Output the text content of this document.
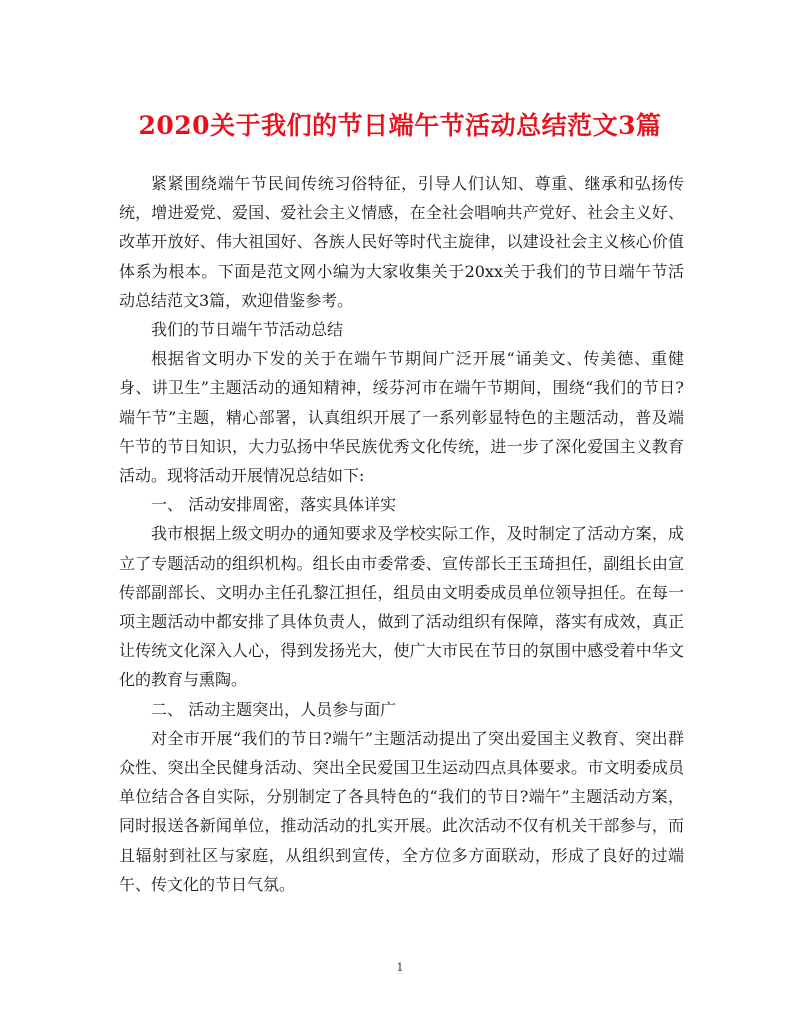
2020关于我们的节日端午节活动总结范文3篇

紧紧围绕端午节民间传统习俗特征，引导人们认知、尊重、继承和弘扬传统，增进爱党、爱国、爱社会主义情感，在全社会唱响共产党好、社会主义好、改革开放好、伟大祖国好、各族人民好等时代主旋律，以建设社会主义核心价值体系为根本。下面是范文网小编为大家收集关于20xx关于我们的节日端午节活动总结范文3篇，欢迎借鉴参考。

我们的节日端午节活动总结

根据省文明办下发的关于在端午节期间广泛开展“诵美文、传美德、重健身、讲卫生”主题活动的通知精神，绥芬河市在端午节期间，围绕“我们的节日?端午节”主题，精心部署，认真组织开展了一系列彰显特色的主题活动，普及端午节的节日知识，大力弘扬中华民族优秀文化传统，进一步了深化爱国主义教育活动。现将活动开展情况总结如下:

一、 活动安排周密，落实具体详实

我市根据上级文明办的通知要求及学校实际工作，及时制定了活动方案，成立了专题活动的组织机构。组长由市委常委、宣传部长王玉琦担任，副组长由宣传部副部长、文明办主任孔黎江担任，组员由文明委成员单位领导担任。在每一项主题活动中都安排了具体负责人，做到了活动组织有保障，落实有成效，真正让传统文化深入人心，得到发扬光大，使广大市民在节日的氛围中感受着中华文化的教育与熏陶。

二、 活动主题突出，人员参与面广

对全市开展“我们的节日?端午”主题活动提出了突出爱国主义教育、突出群众性、突出全民健身活动、突出全民爱国卫生运动四点具体要求。市文明委成员单位结合各自实际，分别制定了各具特色的“我们的节日?端午”主题活动方案，同时报送各新闻单位，推动活动的扎实开展。此次活动不仅有机关干部参与，而且辐射到社区与家庭，从组织到宣传，全方位多方面联动，形成了良好的过端午、传文化的节日气氛。

1
